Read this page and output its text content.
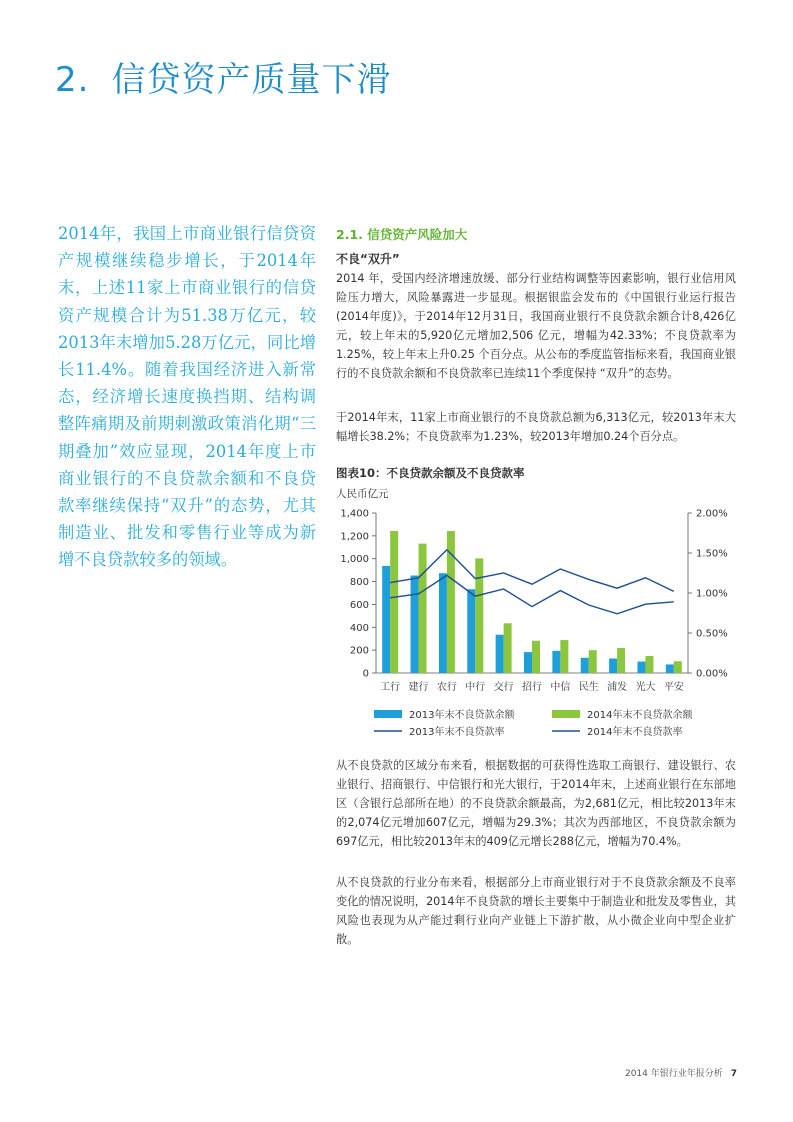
2. 信贷资产质量下滑
2014年，我国上市商业银行信贷资产规模继续稳步增长，于2014年末，上述11家上市商业银行的信贷资产规模合计为51.38万亿元，较2013年末增加5.28万亿元，同比增长11.4%。随着我国经济进入新常态，经济增长速度换挡期、结构调整阵痛期及前期刺激政策消化期“三期叠加”效应显现，2014年度上市商业银行的不良贷款余额和不良贷款率继续保持“双升”的态势，尤其制造业、批发和零售行业等成为新增不良贷款较多的领域。
2.1. 信贷资产风险加大
不良“双升”
2014 年，受国内经济增速放缓、部分行业结构调整等因素影响，银行业信用风险压力增大，风险暴露进一步显现。根据银监会发布的《中国银行业运行报告(2014年度)》，于2014年12月31日，我国商业银行不良贷款余额合计8,426亿元，较上年末的5,920亿元增加2,506 亿元，增幅为42.33%；不良贷款率为1.25%，较上年末上升0.25 个百分点。从公布的季度监管指标来看，我国商业银行的不良贷款余额和不良贷款率已连续11个季度保持 “双升”的态势。
于2014年末，11家上市商业银行的不良贷款总额为6,313亿元，较2013年末大幅增长38.2%；不良贷款率为1.23%，较2013年增加0.24个百分点。
图表10：不良贷款余额及不良贷款率
人民币亿元
0
200
400
600
800
1,000
1,200
1,400
0.00%
0.50%
1.00%
1.50%
2.00%
工行 建行 农行 中行 交行 招行 中信 民生 浦发 光大 平安
2013年末不良贷款余额	2014年末不良贷款余额
2013年末不良贷款率	2014年末不良贷款率
从不良贷款的区域分布来看，根据数据的可获得性选取工商银行、建设银行、农业银行、招商银行、中信银行和光大银行，于2014年末，上述商业银行在东部地区（含银行总部所在地）的不良贷款余额最高，为2,681亿元，相比较2013年末的2,074亿元增加607亿元，增幅为29.3%；其次为西部地区，不良贷款余额为697亿元，相比较2013年末的409亿元增长288亿元，增幅为70.4%。
从不良贷款的行业分布来看，根据部分上市商业银行对于不良贷款余额及不良率变化的情况说明，2014年不良贷款的增长主要集中于制造业和批发及零售业，其风险也表现为从产能过剩行业向产业链上下游扩散，从小微企业向中型企业扩散。
2014 年银行业年报分析 7
